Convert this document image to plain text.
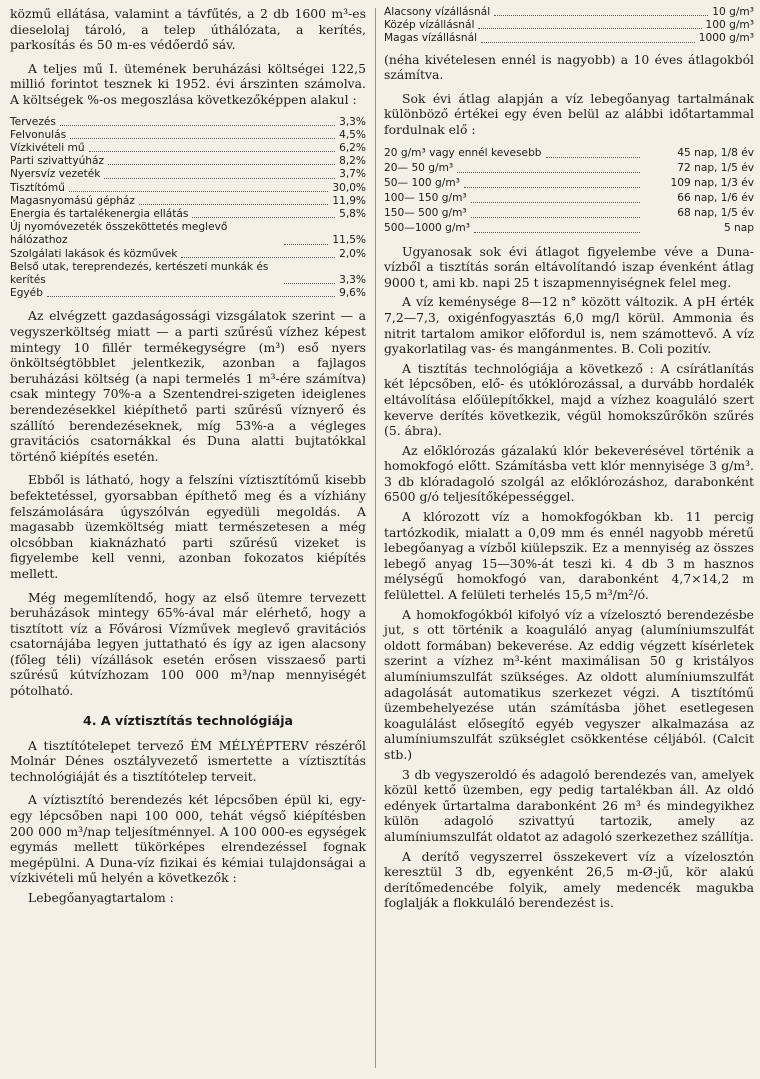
közmű ellátása, valamint a távfűtés, a 2 db 1600 m³-es dieselolaj tároló, a telep úthálózata, a kerítés, parkosítás és 50 m-es védőerdő sáv.

A teljes mű I. ütemének beruházási költségei 122,5 millió forintot tesznek ki 1952. évi árszinten számolva. A költségek %-os megoszlása következőképpen alakul :

Tervezés	3,3%
Felvonulás	4,5%
Vízkivételi mű	6,2%
Parti szivattyúház	8,2%
Nyersvíz vezeték	3,7%
Tisztítómű	30,0%
Magasnyomású gépház	11,9%
Energia és tartalékenergia ellátás	5,8%
Új nyomóvezeték összeköttetés meglevő hálózathoz	11,5%
Szolgálati lakások és közművek	2,0%
Belső utak, tereprendezés, kertészeti munkák és kerítés	3,3%
Egyéb	9,6%

Az elvégzett gazdaságossági vizsgálatok szerint — a vegyszerköltség miatt — a parti szűrésű vízhez képest mintegy 10 fillér termékegységre (m³) eső nyers önköltségtöbblet jelentkezik, azonban a fajlagos beruházási költség (a napi termelés 1 m³-ére számítva) csak mintegy 70%-a a Szentendrei-szigeten ideiglenes berendezésekkel kiépíthető parti szűrésű víznyerő és szállító berendezéseknek, míg 53%-a a végleges gravitációs csatornákkal és Duna alatti bujtatókkal történő kiépítés esetén.

Ebből is látható, hogy a felszíni víztisztítómű kisebb befektetéssel, gyorsabban építhető meg és a vízhiány felszámolására úgyszólván egyedüli megoldás. A magasabb üzemköltség miatt természetesen a még olcsóbban kiaknázható parti szűrésű vizeket is figyelembe kell venni, azonban fokozatos kiépítés mellett.

Még megemlítendő, hogy az első ütemre tervezett beruházások mintegy 65%-ával már elérhető, hogy a tisztított víz a Fővárosi Vízművek meglevő gravitációs csatornájába legyen juttatható és így az igen alacsony (főleg téli) vízállások esetén erősen visszaeső parti szűrésű kútvízhozam 100 000 m³/nap mennyiségét pótolható.

4. A víztisztítás technológiája

A tisztítótelepet tervező ÉM MÉLYÉPTERV részéről Molnár Dénes osztályvezető ismertette a víztisztítás technológiáját és a tisztítótelep terveit.

A víztisztító berendezés két lépcsőben épül ki, egy-egy lépcsőben napi 100 000, tehát végső kiépítésben 200 000 m³/nap teljesítménnyel. A 100 000-es egységek egymás mellett tükörképes elrendezéssel fognak megépülni. A Duna-víz fizikai és kémiai tulajdonságai a vízkivételi mű helyén a következők :

Lebegőanyagtartalom :

Alacsony vízállásnál	10 g/m³
Közép vízállásnál	100 g/m³
Magas vízállásnál	1000 g/m³

(néha kivételesen ennél is nagyobb) a 10 éves átlagokból számítva.

Sok évi átlag alapján a víz lebegőanyag tartalmának különböző értékei egy éven belül az alábbi időtartammal fordulnak elő :

20 g/m³ vagy ennél kevesebb	45 nap, 1/8 év
20— 50 g/m³	72 nap, 1/5 év
50— 100 g/m³	109 nap, 1/3 év
100— 150 g/m³	66 nap, 1/6 év
150— 500 g/m³	68 nap, 1/5 év
500—1000 g/m³	5 nap

Ugyanosak sok évi átlagot figyelembe véve a Duna-vízből a tisztítás során eltávolítandó iszap évenként átlag 9000 t, ami kb. napi 25 t iszapmennyiségnek felel meg.

A víz keménysége 8—12 n° között változik. A pH érték 7,2—7,3, oxigénfogyasztás 6,0 mg/l körül. Ammonia és nitrit tartalom amikor előfordul is, nem számottevő. A víz gyakorlatilag vas- és mangánmentes. B. Coli pozitív.

A tisztítás technológiája a következő : A csírátlanítás két lépcsőben, elő- és utóklórozással, a durvább hordalék eltávolítása előülepítőkkel, majd a vízhez koaguláló szert keverve derítés következik, végül homokszűrőkön szűrés (5. ábra).

Az előklórozás gázalakú klór bekeverésével történik a homokfogó előtt. Számításba vett klór mennyisége 3 g/m³. 3 db klóradagoló szolgál az előklórozáshoz, darabonként 6500 g/ó teljesítőképességgel.

A klórozott víz a homokfogókban kb. 11 percig tartózkodik, mialatt a 0,09 mm és ennél nagyobb méretű lebegőanyag a vízből kiülepszik. Ez a mennyiség az összes lebegő anyag 15—30%-át teszi ki. 4 db 3 m hasznos mélységű homokfogó van, darabonként 4,7×14,2 m felülettel. A felületi terhelés 15,5 m³/m²/ó.

A homokfogókból kifolyó víz a vízelosztó berendezésbe jut, s ott történik a koaguláló anyag (alumíniumszulfát oldott formában) bekeverése. Az eddig végzett kísérletek szerint a vízhez m³-ként maximálisan 50 g kristályos alumíniumszulfát szükséges. Az oldott alumíniumszulfát adagolását automatikus szerkezet végzi. A tisztítómű üzembehelyezése után számításba jöhet esetlegesen koagulálást elősegítő egyéb vegyszer alkalmazása az alumíniumszulfát szükséglet csökkentése céljából. (Calcit stb.)

3 db vegyszeroldó és adagoló berendezés van, amelyek közül kettő üzemben, egy pedig tartalékban áll. Az oldó edények űrtartalma darabonként 26 m³ és mindegyikhez külön adagoló szivattyú tartozik, amely az alumíniumszulfát oldatot az adagoló szerkezethez szállítja.

A derítő vegyszerrel összekevert víz a vízelosztón keresztül 3 db, egyenként 26,5 m-Ø-jű, kör alakú derítőmedencébe folyik, amely medencék magukba foglalják a flokkuláló berendezést is.
